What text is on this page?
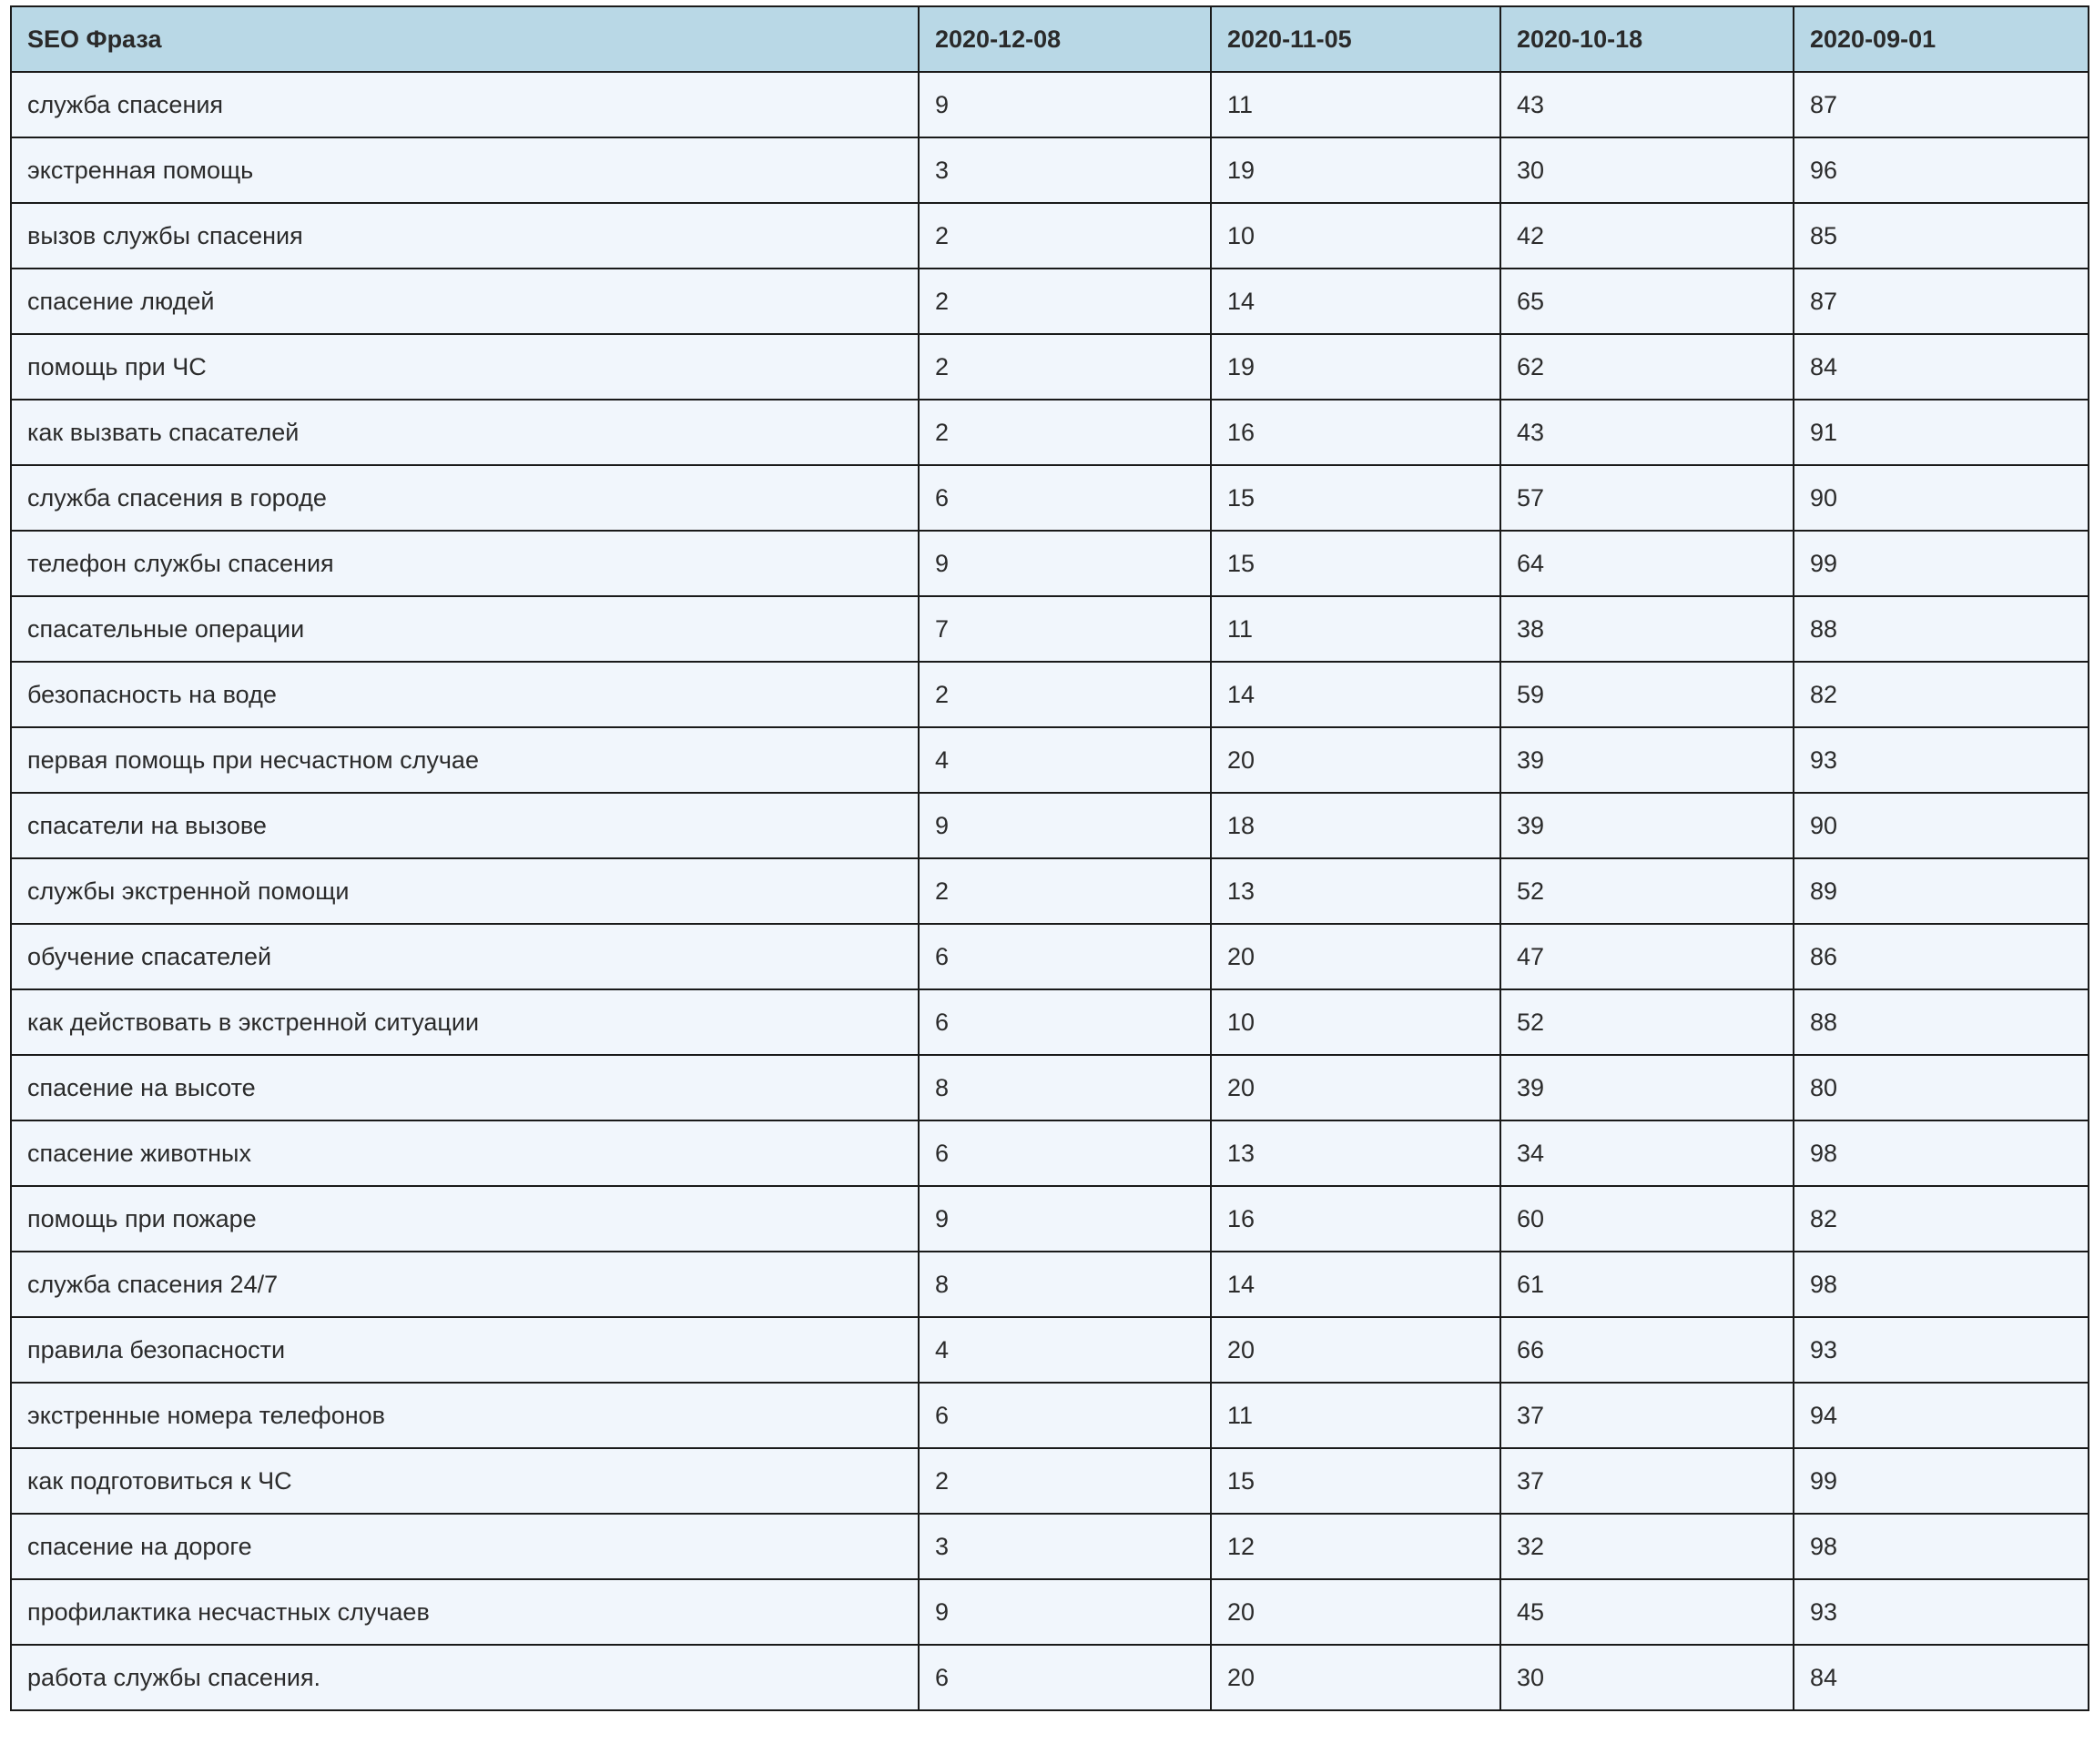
SEO Фраза	2020-12-08	2020-11-05	2020-10-18	2020-09-01
служба спасения	9	11	43	87
экстренная помощь	3	19	30	96
вызов службы спасения	2	10	42	85
спасение людей	2	14	65	87
помощь при ЧС	2	19	62	84
как вызвать спасателей	2	16	43	91
служба спасения в городе	6	15	57	90
телефон службы спасения	9	15	64	99
спасательные операции	7	11	38	88
безопасность на воде	2	14	59	82
первая помощь при несчастном случае	4	20	39	93
спасатели на вызове	9	18	39	90
службы экстренной помощи	2	13	52	89
обучение спасателей	6	20	47	86
как действовать в экстренной ситуации	6	10	52	88
спасение на высоте	8	20	39	80
спасение животных	6	13	34	98
помощь при пожаре	9	16	60	82
служба спасения 24/7	8	14	61	98
правила безопасности	4	20	66	93
экстренные номера телефонов	6	11	37	94
как подготовиться к ЧС	2	15	37	99
спасение на дороге	3	12	32	98
профилактика несчастных случаев	9	20	45	93
работа службы спасения.	6	20	30	84
